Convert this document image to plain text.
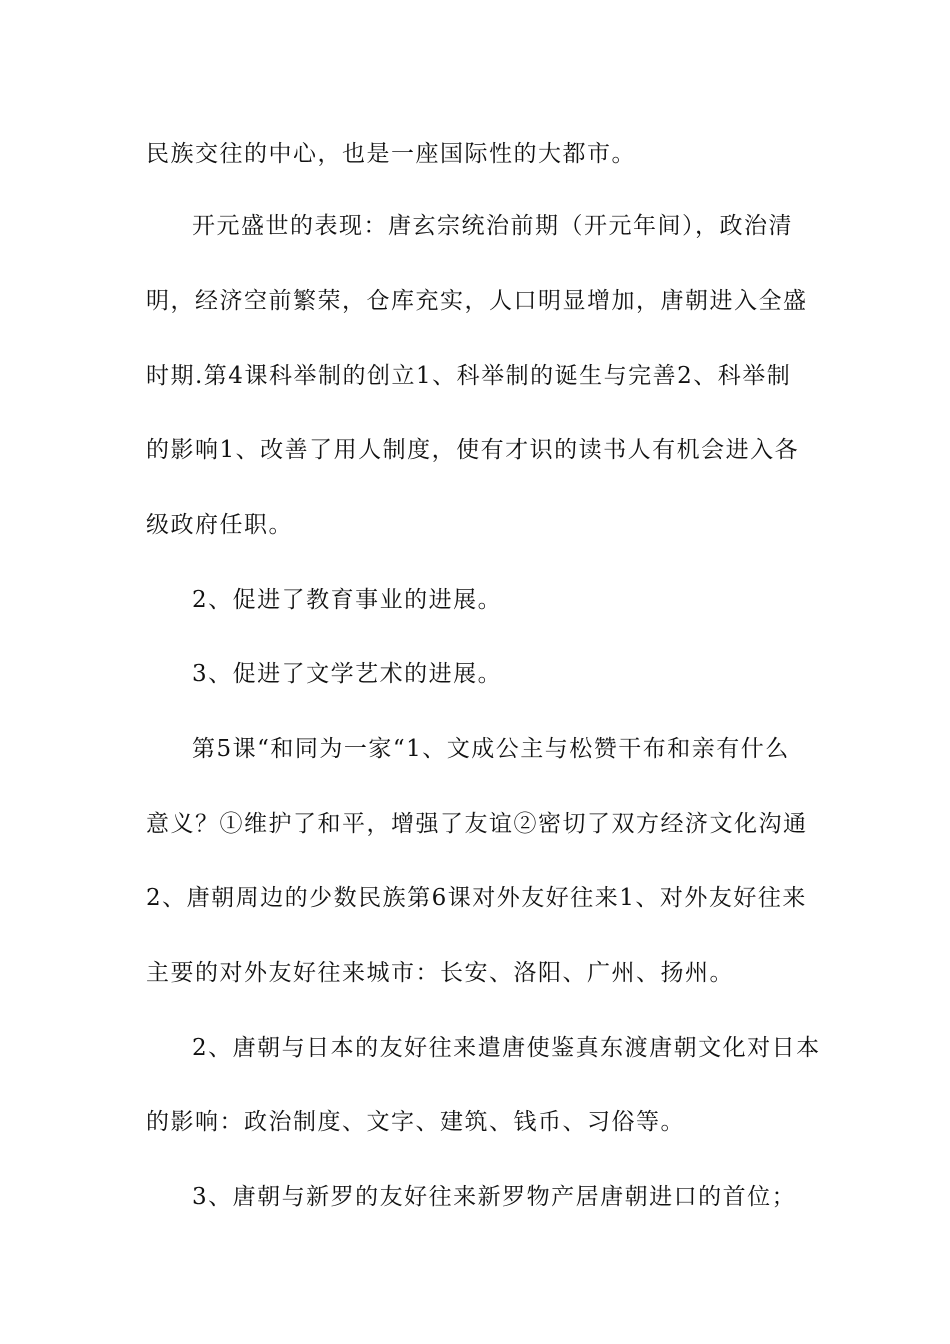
民族交往的中心，也是一座国际性的大都市。
开元盛世的表现：唐玄宗统治前期（开元年间），政治清
明，经济空前繁荣，仓库充实，人口明显增加，唐朝进入全盛
时期.第4课科举制的创立1、科举制的诞生与完善2、科举制
的影响1、改善了用人制度，使有才识的读书人有机会进入各
级政府任职。
2、促进了教育事业的进展。
3、促进了文学艺术的进展。
第5课“和同为一家“1、文成公主与松赞干布和亲有什么
意义？①维护了和平，增强了友谊②密切了双方经济文化沟通
2、唐朝周边的少数民族第6课对外友好往来1、对外友好往来
主要的对外友好往来城市：长安、洛阳、广州、扬州。
2、唐朝与日本的友好往来遣唐使鉴真东渡唐朝文化对日本
的影响：政治制度、文字、建筑、钱币、习俗等。
3、唐朝与新罗的友好往来新罗物产居唐朝进口的首位；
